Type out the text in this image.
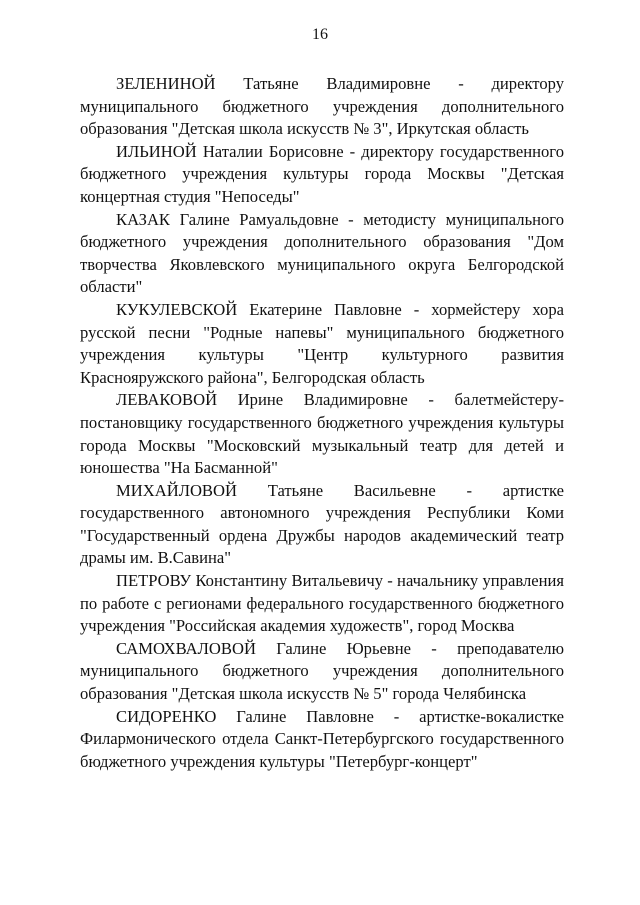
16

ЗЕЛЕНИНОЙ Татьяне Владимировне - директору муниципального бюджетного учреждения дополнительного образования "Детская школа искусств № 3", Иркутская область

ИЛЬИНОЙ Наталии Борисовне - директору государственного бюджетного учреждения культуры города Москвы "Детская концертная студия "Непоседы"

КАЗАК Галине Рамуальдовне - методисту муниципального бюджетного учреждения дополнительного образования "Дом творчества Яковлевского муниципального округа Белгородской области"

КУКУЛЕВСКОЙ Екатерине Павловне - хормейстеру хора русской песни "Родные напевы" муниципального бюджетного учреждения культуры "Центр культурного развития Краснояружского района", Белгородская область

ЛЕВАКОВОЙ Ирине Владимировне - балетмейстеру-постановщику государственного бюджетного учреждения культуры города Москвы "Московский музыкальный театр для детей и юношества "На Басманной"

МИХАЙЛОВОЙ Татьяне Васильевне - артистке государственного автономного учреждения Республики Коми "Государственный ордена Дружбы народов академический театр драмы им. В.Савина"

ПЕТРОВУ Константину Витальевичу - начальнику управления по работе с регионами федерального государственного бюджетного учреждения "Российская академия художеств", город Москва

САМОХВАЛОВОЙ Галине Юрьевне - преподавателю муниципального бюджетного учреждения дополнительного образования "Детская школа искусств № 5" города Челябинска

СИДОРЕНКО Галине Павловне - артистке-вокалистке Филармонического отдела Санкт-Петербургского государственного бюджетного учреждения культуры "Петербург-концерт"
